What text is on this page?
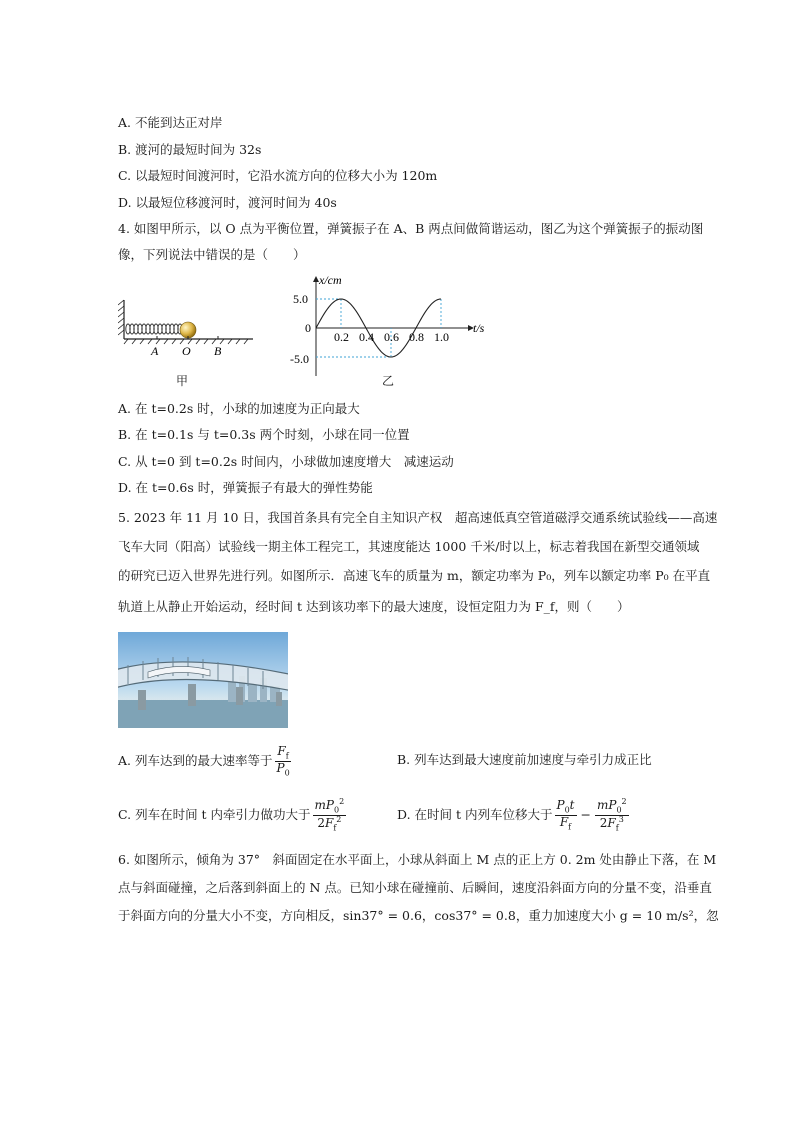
A. 不能到达正对岸
B. 渡河的最短时间为 32s
C. 以最短时间渡河时，它沿水流方向的位移大小为 120m
D. 以最短位移渡河时，渡河时间为 40s
4. 如图甲所示，以 O 点为平衡位置，弹簧振子在 A、B 两点间做简谐运动，图乙为这个弹簧振子的振动图
像，下列说法中错误的是（　　）
A O B
甲
x/cm
t/s
0
5.0
-5.0
0.2 0.4 0.6 0.8 1.0
乙
A. 在 t=0.2s 时，小球的加速度为正向最大
B. 在 t=0.1s 与 t=0.3s 两个时刻，小球在同一位置
C. 从 t=0 到 t=0.2s 时间内，小球做加速度增大　减速运动
D. 在 t=0.6s 时，弹簧振子有最大的弹性势能
5. 2023 年 11 月 10 日，我国首条具有完全自主知识产权　超高速低真空管道磁浮交通系统试验线——高速
飞车大同（阳高）试验线一期主体工程完工，其速度能达 1000 千米/时以上，标志着我国在新型交通领域
的研究已迈入世界先进行列。如图所示．高速飞车的质量为 m，额定功率为 P₀，列车以额定功率 P₀ 在平直
轨道上从静止开始运动，经时间 t 达到该功率下的最大速度，设恒定阻力为 F_f，则（　　）
A. 列车达到的最大速率等于 $\frac{F_f}{P_0}$	B. 列车达到最大速度前加速度与牵引力成正比
C. 列车在时间 t 内牵引力做功大于 $\frac{mP_0^2}{2F_f^2}$	D. 在时间 t 内列车位移大于 $\frac{P_0t}{F_f} - \frac{mP_0^2}{2F_f^3}$
6. 如图所示，倾角为 37°　斜面固定在水平面上，小球从斜面上 M 点的正上方 0. 2m 处由静止下落，在 M
点与斜面碰撞，之后落到斜面上的 N 点。已知小球在碰撞前、后瞬间，速度沿斜面方向的分量不变，沿垂直
于斜面方向的分量大小不变，方向相反，sin37° = 0.6，cos37° = 0.8，重力加速度大小 g = 10 m/s²，忽
